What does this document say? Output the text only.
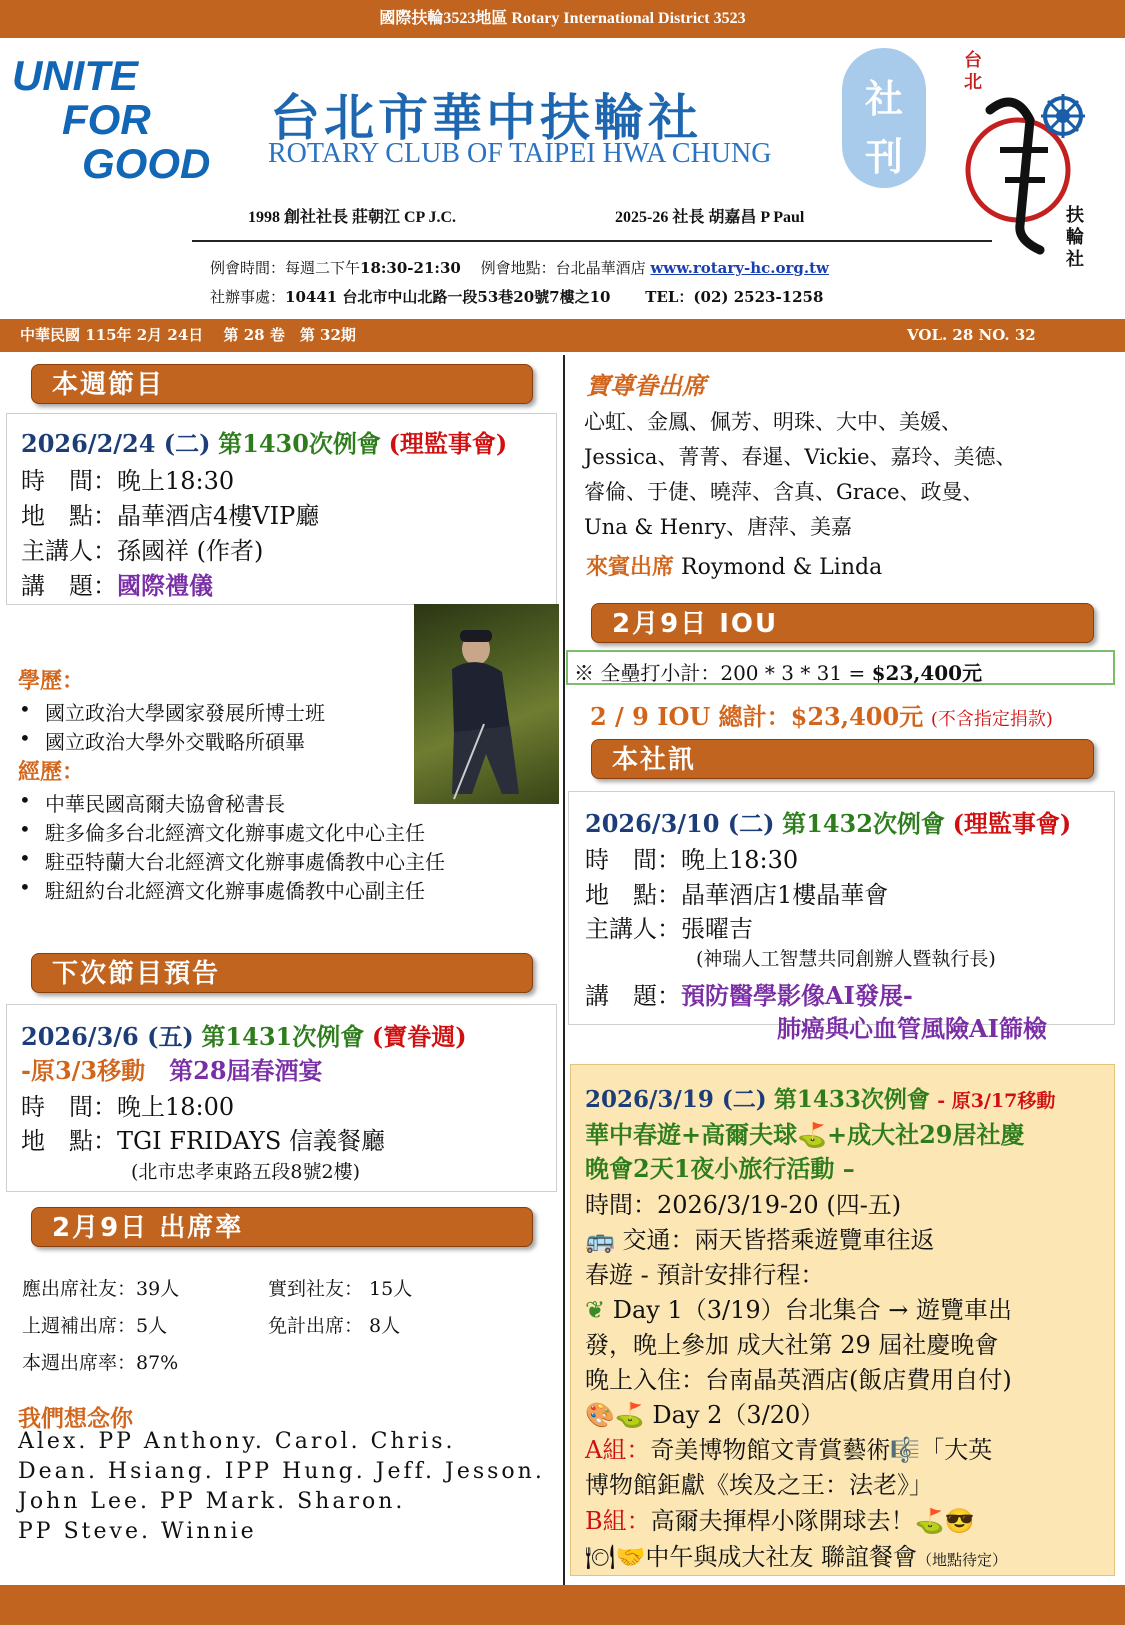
國際扶輪3523地區 Rotary International District 3523
UNITE
FOR
GOOD
台北市華中扶輪社
ROTARY CLUB OF TAIPEI HWA CHUNG
社
刊
台北
扶輪社
1998 創社社長 莊朝江 CP J.C.	2025-26 社長 胡嘉昌 P Paul
例會時間：每週二下午18:30-21:30　 例會地點：台北晶華酒店 www.rotary-hc.org.tw
社辦事處：10441 台北市中山北路一段53巷20號7樓之10　　 TEL：(02) 2523-1258
中華民國 115年 2月 24日　 第 28 卷　第 32期	VOL. 28 NO. 32
本週節目
2026/2/24 (二) 第1430次例會 (理監事會)
時　間：晚上18:30
地　點：晶華酒店4樓VIP廳
主講人：孫國祥 (作者)
講　題：國際禮儀
學歷：
• 國立政治大學國家發展所博士班
• 國立政治大學外交戰略所碩畢
經歷：
• 中華民國高爾夫協會秘書長
• 駐多倫多台北經濟文化辦事處文化中心主任
• 駐亞特蘭大台北經濟文化辦事處僑教中心主任
• 駐紐約台北經濟文化辦事處僑教中心副主任
下次節目預告
2026/3/6 (五) 第1431次例會 (寶眷週)
-原3/3移動　 第28屆春酒宴
時　間：晚上18:00
地　點：TGI FRIDAYS 信義餐廳
(北市忠孝東路五段8號2樓)
2月9日 出席率
應出席社友：39人	實到社友： 15人
上週補出席：5人	免計出席： 8人
本週出席率：87%
我們想念你
Alex. PP Anthony. Carol. Chris.
Dean. Hsiang. IPP Hung. Jeff. Jesson.
John Lee. PP Mark. Sharon.
PP Steve. Winnie
寶尊眷出席
心虹、金鳳、佩芳、明珠、大中、美媛、
Jessica、菁菁、春暹、Vickie、嘉玲、美德、
睿倫、于倢、曉萍、含真、Grace、政曼、
Una & Henry、唐萍、美嘉
來賓出席 Roymond & Linda
2月9日 IOU
※ 全壘打小計：200 * 3 * 31 = $23,400元
2 / 9 IOU 總計：$23,400元 (不含指定捐款)
本社訊
2026/3/10 (二) 第1432次例會 (理監事會)
時　間：晚上18:30
地　點：晶華酒店1樓晶華會
主講人：張曜吉
(神瑞人工智慧共同創辦人暨執行長)
講　題：預防醫學影像AI發展-
肺癌與心血管風險AI篩檢
2026/3/19 (二) 第1433次例會 - 原3/17移動
華中春遊+高爾夫球⛳+成大社29居社慶
晚會2天1夜小旅行活動 –
時間：2026/3/19-20 (四-五)
🚌 交通：兩天皆搭乘遊覽車往返
春遊 - 預計安排行程：
❦ Day 1（3/19）台北集合 → 遊覽車出
發，晚上參加 成大社第 29 屆社慶晚會
晚上入住：台南晶英酒店(飯店費用自付)
🎨⛳ Day 2（3/20）
A組：奇美博物館文青賞藝術🎼「大英
博物館鉅獻《埃及之王：法老》」
B組：高爾夫揮桿小隊開球去！⛳😎
🍽🤝中午與成大社友 聯誼餐會（地點待定）
